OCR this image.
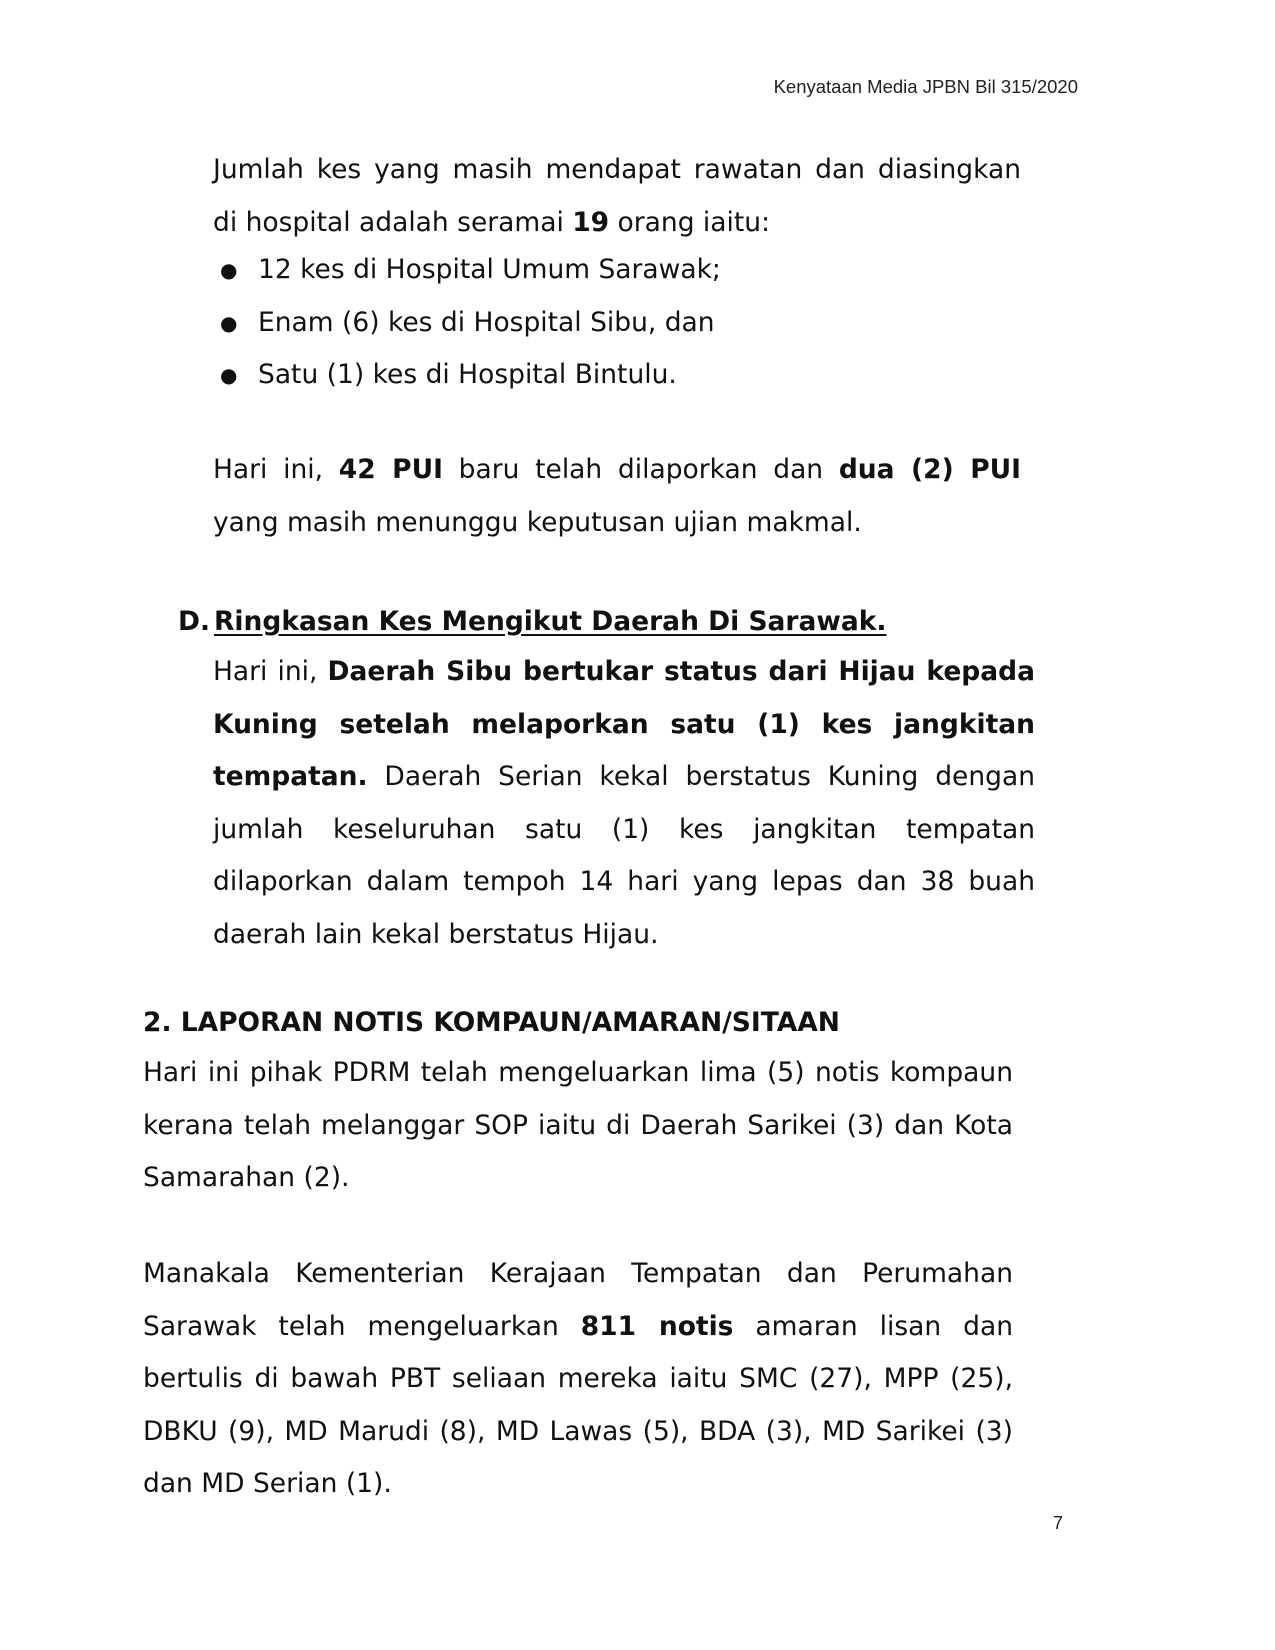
Kenyataan Media JPBN Bil 315/2020

Jumlah kes yang masih mendapat rawatan dan diasingkan di hospital adalah seramai 19 orang iaitu:

● 12 kes di Hospital Umum Sarawak;
● Enam (6) kes di Hospital Sibu, dan
● Satu (1) kes di Hospital Bintulu.

Hari ini, 42 PUI baru telah dilaporkan dan dua (2) PUI yang masih menunggu keputusan ujian makmal.

D. Ringkasan Kes Mengikut Daerah Di Sarawak.

Hari ini, Daerah Sibu bertukar status dari Hijau kepada Kuning setelah melaporkan satu (1) kes jangkitan tempatan. Daerah Serian kekal berstatus Kuning dengan jumlah keseluruhan satu (1) kes jangkitan tempatan dilaporkan dalam tempoh 14 hari yang lepas dan 38 buah daerah lain kekal berstatus Hijau.

2. LAPORAN NOTIS KOMPAUN/AMARAN/SITAAN

Hari ini pihak PDRM telah mengeluarkan lima (5) notis kompaun kerana telah melanggar SOP iaitu di Daerah Sarikei (3) dan Kota Samarahan (2).

Manakala Kementerian Kerajaan Tempatan dan Perumahan Sarawak telah mengeluarkan 811 notis amaran lisan dan bertulis di bawah PBT seliaan mereka iaitu SMC (27), MPP (25), DBKU (9), MD Marudi (8), MD Lawas (5), BDA (3), MD Sarikei (3) dan MD Serian (1).

7
